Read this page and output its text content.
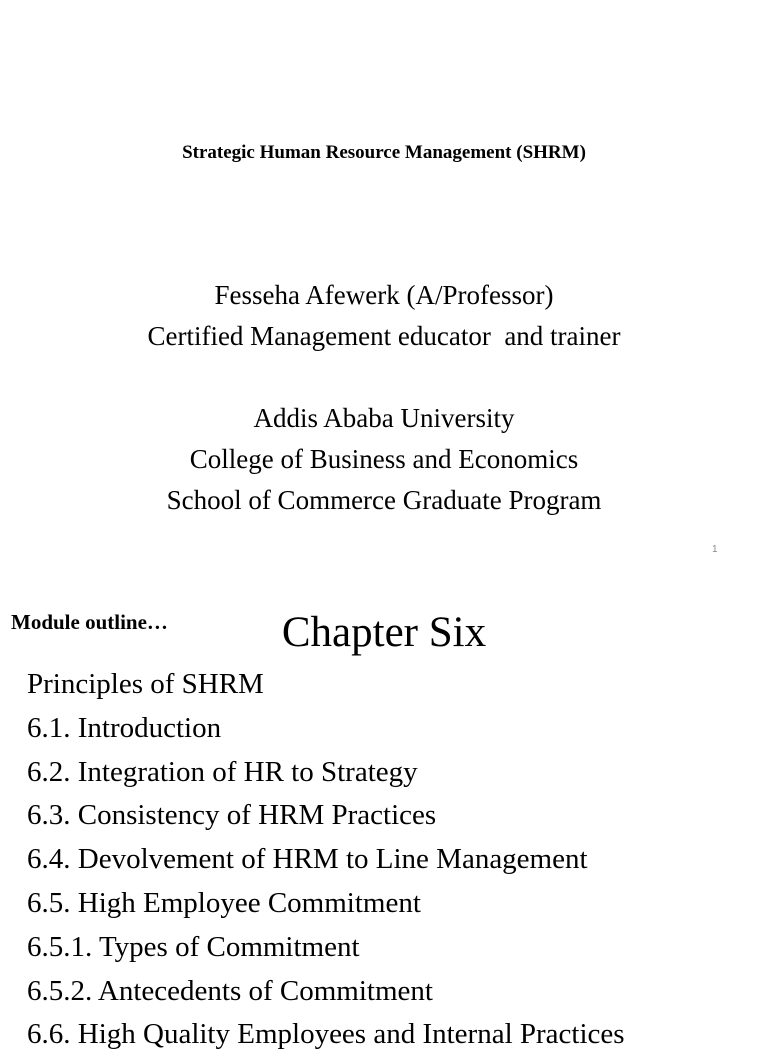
Strategic Human Resource Management (SHRM)
Fesseha Afewerk (A/Professor)
Certified Management educator  and trainer
Addis Ababa University
College of Business and Economics
School of Commerce Graduate Program
1
Chapter Six
Module outline…
Principles of SHRM
6.1. Introduction
6.2. Integration of HR to Strategy
6.3. Consistency of HRM Practices
6.4. Devolvement of HRM to Line Management
6.5. High Employee Commitment
6.5.1. Types of Commitment
6.5.2. Antecedents of Commitment
6.6. High Quality Employees and Internal Practices
